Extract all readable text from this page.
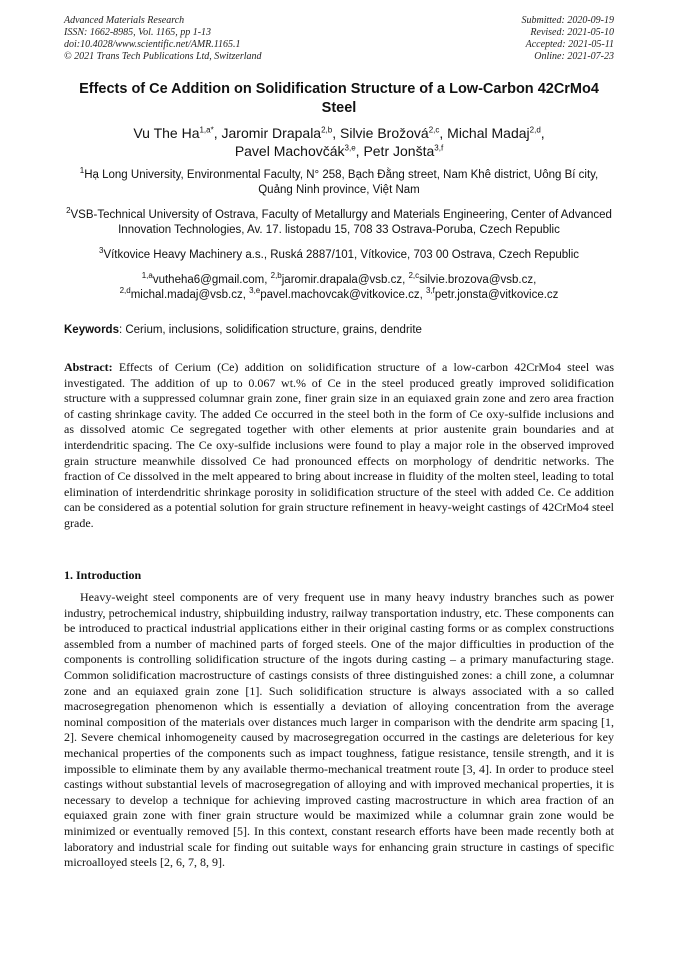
Advanced Materials Research
ISSN: 1662-8985, Vol. 1165, pp 1-13
doi:10.4028/www.scientific.net/AMR.1165.1
© 2021 Trans Tech Publications Ltd, Switzerland
Submitted: 2020-09-19
Revised: 2021-05-10
Accepted: 2021-05-11
Online: 2021-07-23
Effects of Ce Addition on Solidification Structure of a Low-Carbon 42CrMo4 Steel
Vu The $Ha^{1,a*}$, Jaromir Drapala$^{2,b}$, Silvie Brožová$^{2,c}$, Michal Madaj$^{2,d}$,
Pavel Machovčák$^{3,e}$, Petr Jonšta$^{3,f}$
$^1$Hạ Long University, Environmental Faculty, N° 258, Bạch Đằng street, Nam Khê district, Uông Bí city, Quảng Ninh province, Việt Nam
$^2$VSB-Technical University of Ostrava, Faculty of Metallurgy and Materials Engineering, Center of Advanced Innovation Technologies, Av. 17. listopadu 15, 708 33 Ostrava-Poruba, Czech Republic
$^3$Vítkovice Heavy Machinery a.s., Ruská 2887/101, Vítkovice, 703 00 Ostrava, Czech Republic
$^{1,a}$vutheha6@gmail.com, $^{2,b}$jaromir.drapala@vsb.cz, $^{2,c}$silvie.brozova@vsb.cz,
$^{2,d}$michal.madaj@vsb.cz, $^{3,e}$pavel.machovcak@vitkovice.cz, $^{3,f}$petr.jonsta@vitkovice.cz
Keywords: Cerium, inclusions, solidification structure, grains, dendrite
Abstract: Effects of Cerium (Ce) addition on solidification structure of a low-carbon 42CrMo4 steel was investigated. The addition of up to 0.067 wt.% of Ce in the steel produced greatly improved solidification structure with a suppressed columnar grain zone, finer grain size in an equiaxed grain zone and zero area fraction of casting shrinkage cavity. The added Ce occurred in the steel both in the form of Ce oxy-sulfide inclusions and as dissolved atomic Ce segregated together with other elements at prior austenite grain boundaries and at interdendritic spacing. The Ce oxy-sulfide inclusions were found to play a major role in the observed improved grain structure meanwhile dissolved Ce had pronounced effects on morphology of dendritic networks. The fraction of Ce dissolved in the melt appeared to bring about increase in fluidity of the molten steel, leading to total elimination of interdendritic shrinkage porosity in solidification structure of the steel with added Ce. Ce addition can be considered as a potential solution for grain structure refinement in heavy-weight castings of 42CrMo4 steel grade.
1. Introduction

Heavy-weight steel components are of very frequent use in many heavy industry branches such as power industry, petrochemical industry, shipbuilding industry, railway transportation industry, etc. These components can be introduced to practical industrial applications either in their original casting forms or as complex constructions assembled from a number of machined parts of forged steels. One of the major difficulties in production of the components is controlling solidification structure of the ingots during casting – a primary manufacturing stage. Common solidification macrostructure of castings consists of three distinguished zones: a chill zone, a columnar zone and an equiaxed grain zone [1]. Such solidification structure is always associated with a so called macrosegregation phenomenon which is essentially a deviation of alloying concentration from the average nominal composition of the materials over distances much larger in comparison with the dendrite arm spacing [1, 2]. Severe chemical inhomogeneity caused by macrosegregation occurred in the castings are deleterious for key mechanical properties of the components such as impact toughness, fatigue resistance, tensile strength, and it is impossible to eliminate them by any available thermo-mechanical treatment route [3, 4]. In order to produce steel castings without substantial levels of macrosegregation of alloying and with improved mechanical properties, it is necessary to develop a technique for achieving improved casting macrostructure in which area fraction of an equiaxed grain zone with finer grain structure would be maximized while a columnar grain zone would be minimized or eventually removed [5]. In this context, constant research efforts have been made recently both at laboratory and industrial scale for finding out suitable ways for enhancing grain structure in castings of specific microalloyed steels [2, 6, 7, 8, 9].
